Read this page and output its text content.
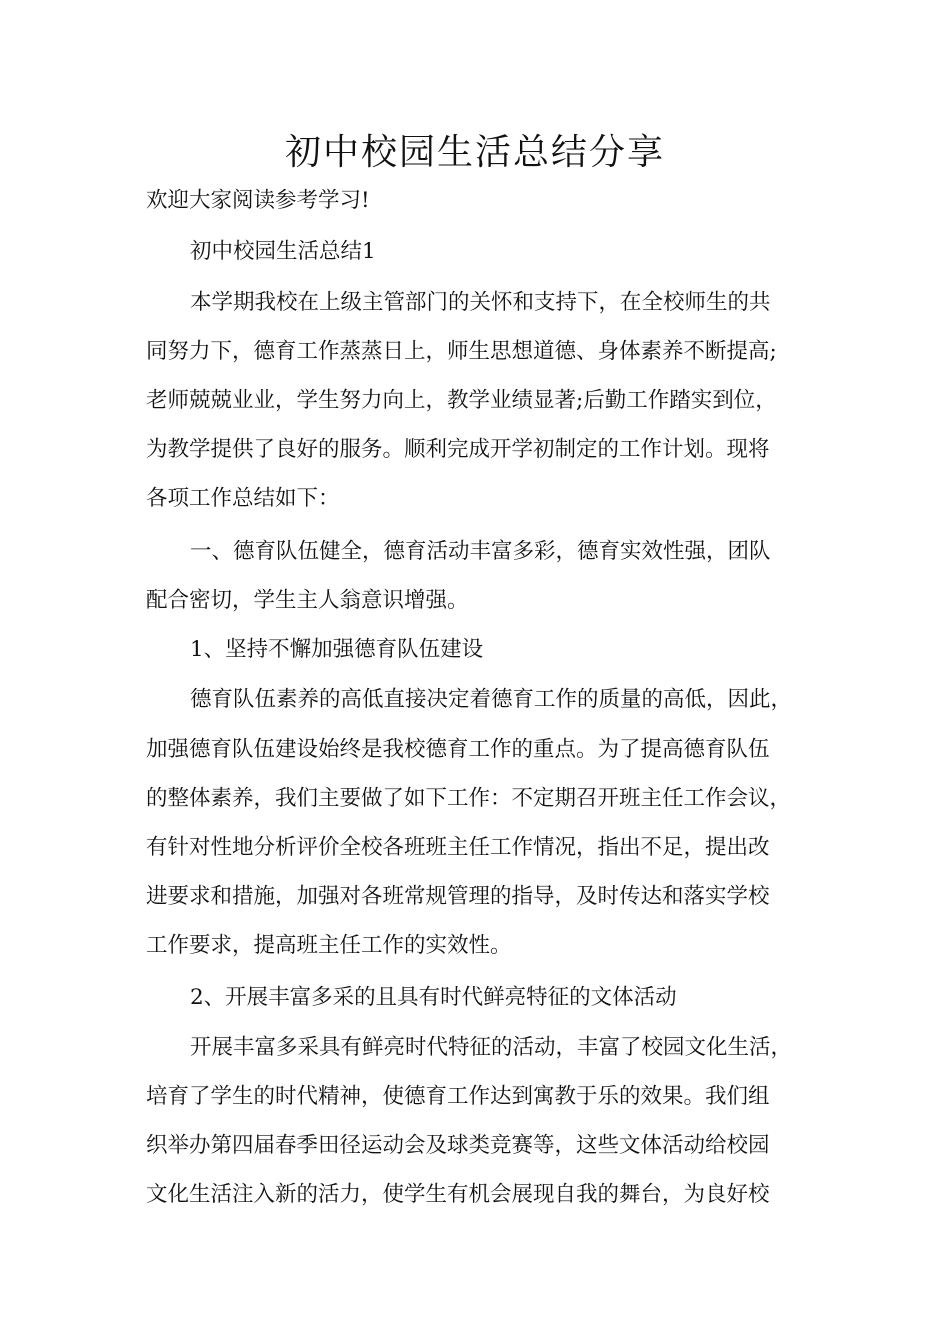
初中校园生活总结分享

欢迎大家阅读参考学习!

初中校园生活总结1

本学期我校在上级主管部门的关怀和支持下，在全校师生的共

同努力下，德育工作蒸蒸日上，师生思想道德、身体素养不断提高;

老师兢兢业业，学生努力向上，教学业绩显著;后勤工作踏实到位，

为教学提供了良好的服务。顺利完成开学初制定的工作计划。现将

各项工作总结如下：

一、德育队伍健全，德育活动丰富多彩，德育实效性强，团队

配合密切，学生主人翁意识增强。

1、坚持不懈加强德育队伍建设

德育队伍素养的高低直接决定着德育工作的质量的高低，因此，

加强德育队伍建设始终是我校德育工作的重点。为了提高德育队伍

的整体素养，我们主要做了如下工作：不定期召开班主任工作会议，

有针对性地分析评价全校各班班主任工作情况，指出不足，提出改

进要求和措施，加强对各班常规管理的指导，及时传达和落实学校

工作要求，提高班主任工作的实效性。

2、开展丰富多采的且具有时代鲜亮特征的文体活动

开展丰富多采具有鲜亮时代特征的活动，丰富了校园文化生活，

培育了学生的时代精神，使德育工作达到寓教于乐的效果。我们组

织举办第四届春季田径运动会及球类竞赛等，这些文体活动给校园

文化生活注入新的活力，使学生有机会展现自我的舞台，为良好校
